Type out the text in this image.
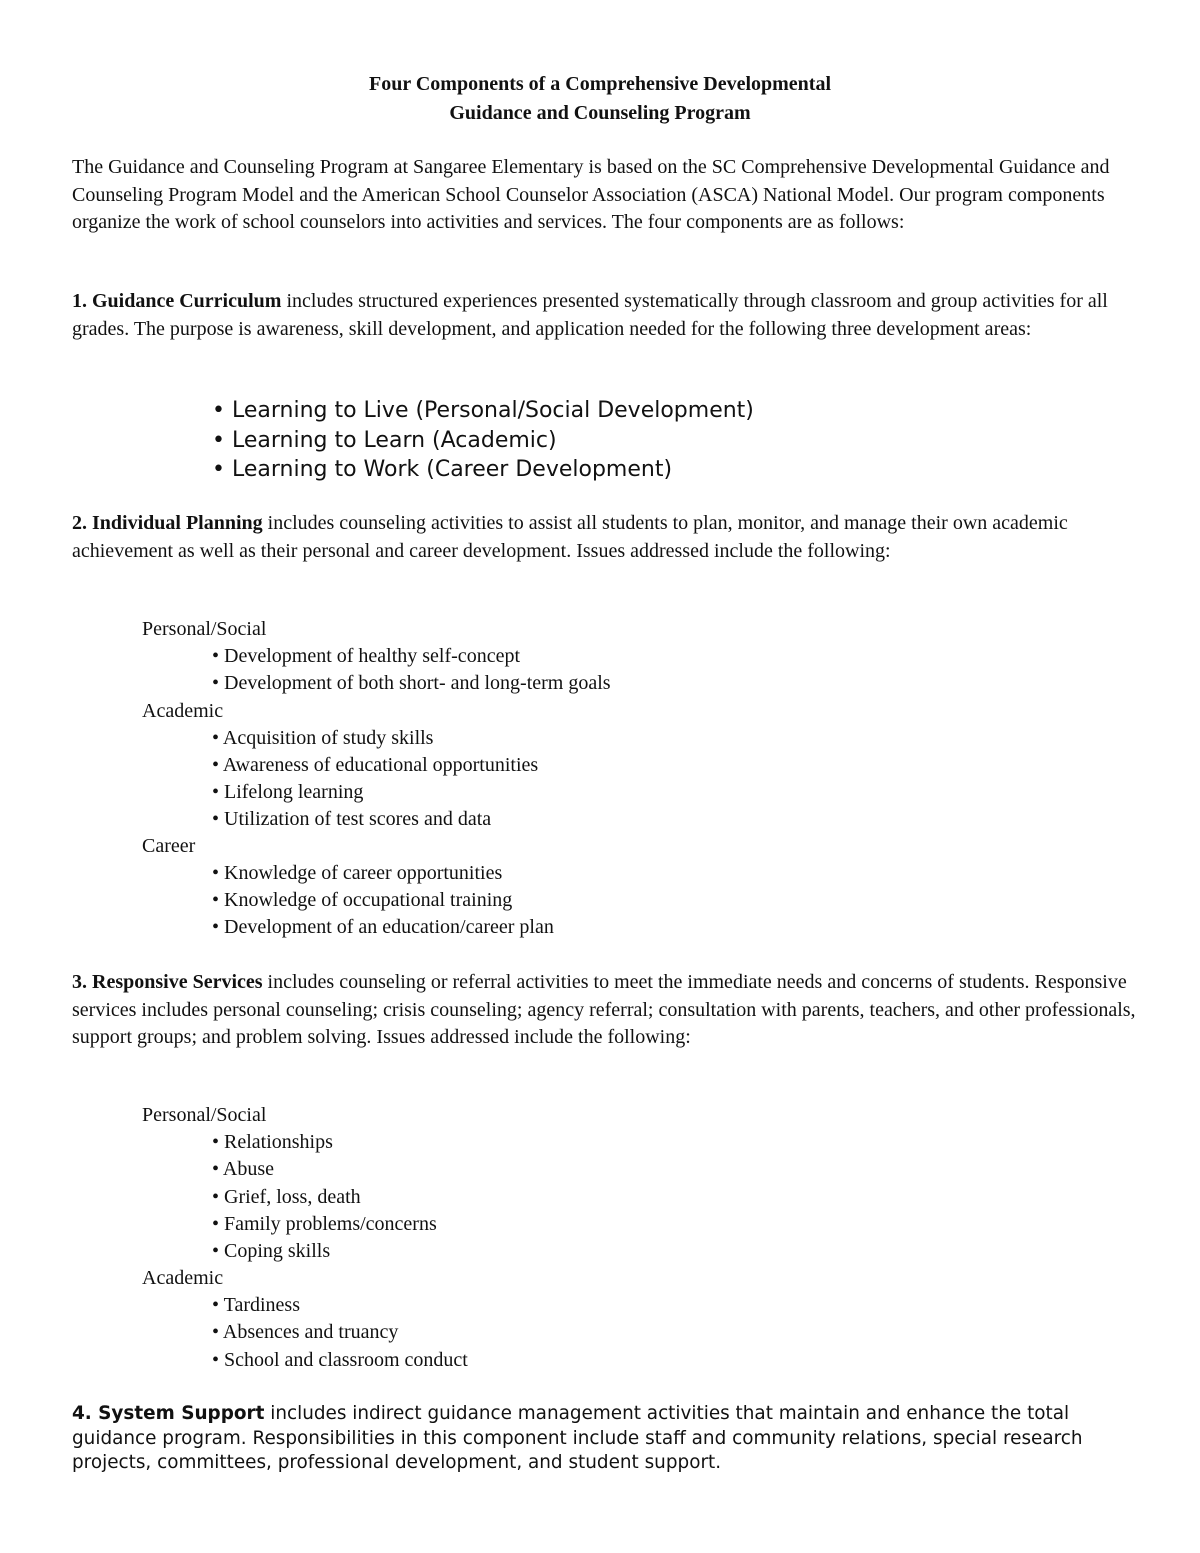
Four Components of a Comprehensive Developmental
Guidance and Counseling Program
The Guidance and Counseling Program at Sangaree Elementary is based on the SC Comprehensive Developmental Guidance and Counseling Program Model and the American School Counselor Association (ASCA) National Model. Our program components organize the work of school counselors into activities and services. The four components are as follows:
1. Guidance Curriculum includes structured experiences presented systematically through classroom and group activities for all grades. The purpose is awareness, skill development, and application needed for the following three development areas:
• Learning to Live (Personal/Social Development)
• Learning to Learn (Academic)
• Learning to Work (Career Development)
2. Individual Planning includes counseling activities to assist all students to plan, monitor, and manage their own academic achievement as well as their personal and career development. Issues addressed include the following:
Personal/Social
• Development of healthy self-concept
• Development of both short- and long-term goals
Academic
• Acquisition of study skills
• Awareness of educational opportunities
• Lifelong learning
• Utilization of test scores and data
Career
• Knowledge of career opportunities
• Knowledge of occupational training
• Development of an education/career plan
3. Responsive Services includes counseling or referral activities to meet the immediate needs and concerns of students. Responsive services includes personal counseling; crisis counseling; agency referral; consultation with parents, teachers, and other professionals, support groups; and problem solving. Issues addressed include the following:
Personal/Social
• Relationships
• Abuse
• Grief, loss, death
• Family problems/concerns
• Coping skills
Academic
• Tardiness
• Absences and truancy
• School and classroom conduct
4. System Support includes indirect guidance management activities that maintain and enhance the total guidance program. Responsibilities in this component include staff and community relations, special research projects, committees, professional development, and student support.
